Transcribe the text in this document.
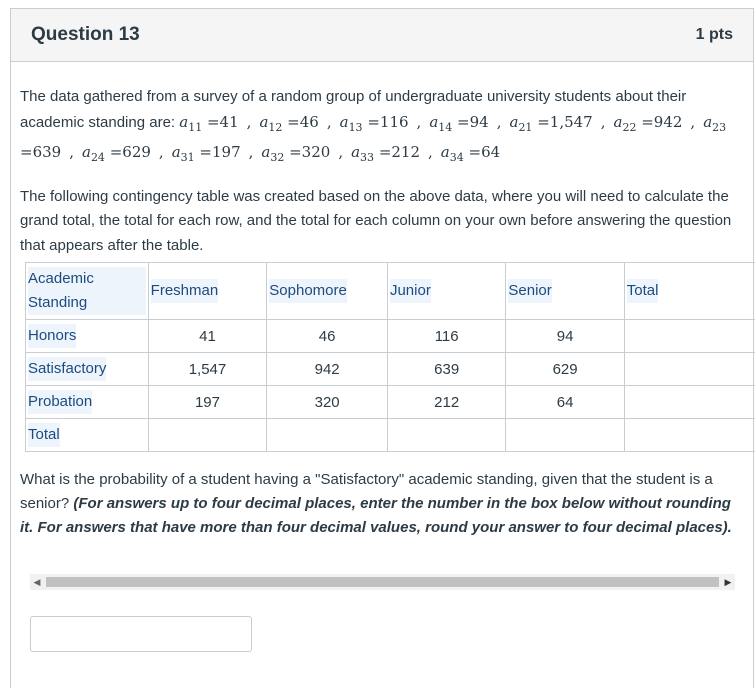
Question 13	1 pts

The data gathered from a survey of a random group of undergraduate university students about their academic standing are: $a_{11} =41$ , $a_{12} =46$ , $a_{13} =116$ , $a_{14} =94$ , $a_{21} =1,547$ , $a_{22} =942$ , $a_{23} =639$ , $a_{24} =629$ , $a_{31} =197$ , $a_{32} =320$ , $a_{33} =212$ , $a_{34} =64$

The following contingency table was created based on the above data, where you will need to calculate the grand total, the total for each row, and the total for each column on your own before answering the question that appears after the table.

Academic Standing	Freshman	Sophomore	Junior	Senior	Total
Honors	41	46	116	94	
Satisfactory	1,547	942	639	629	
Probation	197	320	212	64	
Total					

What is the probability of a student having a "Satisfactory" academic standing, given that the student is a senior? (For answers up to four decimal places, enter the number in the box below without rounding it. For answers that have more than four decimal values, round your answer to four decimal places).

◀	▶
